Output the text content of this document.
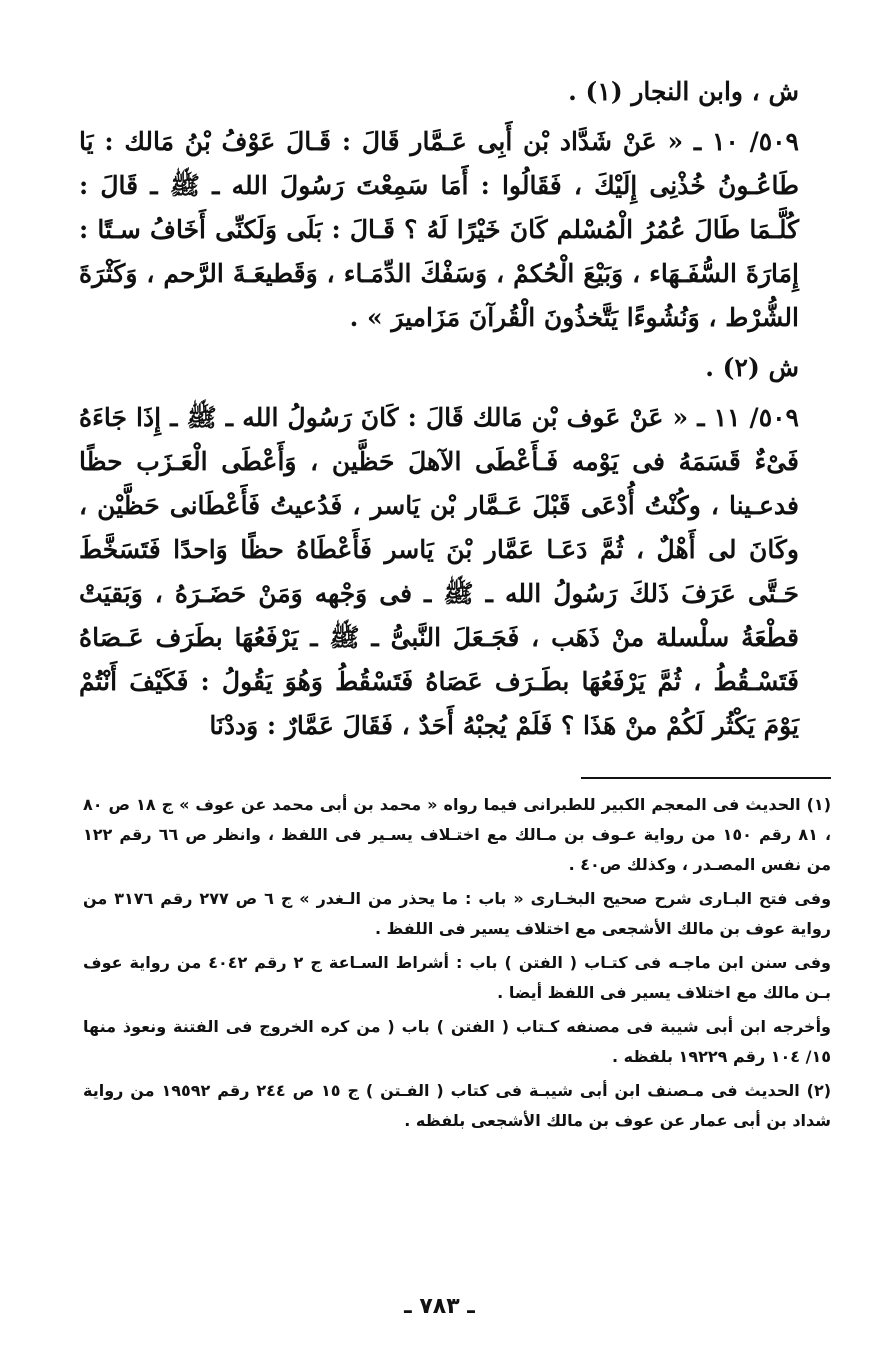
ش ، وابن النجار (١) .

٥٠٩/ ١٠ ـ « عَنْ شَدَّاد بْن أَبِى عَـمَّار قَالَ : قَـالَ عَوْفُ بْنُ مَالك : يَا طَاعُـونُ خُذْنِى إِلَيْكَ ، فَقَالُوا : أَمَا سَمِعْتَ رَسُولَ الله ـ ﷺ ـ قَالَ : كُلَّـمَا طَالَ عُمُرُ الْمُسْلم كَانَ خَيْرًا لَهُ ؟ قَـالَ : بَلَى وَلَكنِّى أَخَافُ سـتًا : إِمَارَةَ السُّفَـهَاء ، وَبَيْعَ الْحُكمْ ، وَسَفْكَ الدِّمَـاء ، وَقَطيعَـةَ الرَّحم ، وَكَثْرَةَ الشُّرْط ، وَنُشُوءًا يَتَّخذُونَ الْقُرآنَ مَزَاميرَ » .

ش (٢) .

٥٠٩/ ١١ ـ « عَنْ عَوف بْن مَالك قَالَ : كَانَ رَسُولُ الله ـ ﷺ ـ إِذَا جَاءَهُ فَىْءٌ قَسَمَهُ فى يَوْمه فَـأَعْطَى الآهلَ حَظَّين ، وَأَعْطَى الْعَـزَب حظًا فدعـينا ، وكُنْتُ أُدْعَى قَبْلَ عَـمَّار بْن يَاسر ، فَدُعيتُ فَأَعْطَانى حَظَّيْن ، وكَانَ لى أَهْلٌ ، ثُمَّ دَعَـا عَمَّار بْنَ يَاسر فَأَعْطَاهُ حظًا وَاحدًا فَتَسَخَّطَ حَـتَّى عَرَفَ ذَلكَ رَسُولُ الله ـ ﷺ ـ فى وَجْهه وَمَنْ حَضَـرَهُ ، وَبَقيَتْ قطْعَةُ سلْسلة منْ ذَهَب ، فَجَـعَلَ النَّبىُّ ـ ﷺ ـ يَرْفَعُهَا بطَرَف عَـصَاهُ فَتَسْـقُطُ ، ثُمَّ يَرْفَعُهَا بطَـرَف عَصَاهُ فَتَسْقُطُ وَهُوَ يَقُولُ : فَكَيْفَ أَنْتُمْ يَوْمَ يَكْثُر لَكُمْ منْ هَذَا ؟ فَلَمْ يُجبْهُ أَحَدٌ ، فَقَالَ عَمَّارٌ : وَددْنَا

(١) الحديث فى المعجم الكبير للطبرانى فيما رواه « محمد بن أبى محمد عن عوف » ج ١٨ ص ٨٠ ، ٨١ رقم ١٥٠ من رواية عـوف بن مـالك مع اختـلاف يسـير فى اللفظ ، وانظر ص ٦٦ رقم ١٢٢ من نفس المصـدر ، وكذلك ص٤٠ .

وفى فتح البـارى شرح صحيح البخـارى « باب : ما يحذر من الـغدر » ج ٦ ص ٢٧٧ رقم ٣١٧٦ من رواية عوف بن مالك الأشجعى مع اختلاف يسير فى اللفظ .

وفى سنن ابن ماجـه فى كتـاب ( الفتن ) باب : أشراط السـاعة ج ٢ رقم ٤٠٤٢ من رواية عوف بـن مالك مع اختلاف يسير فى اللفظ أيضا .

وأخرجه ابن أبى شيبة فى مصنفه كـتاب ( الفتن ) باب ( من كره الخروج فى الفتنة ونعوذ منها ١٥/ ١٠٤ رقم ١٩٢٢٩ بلفظه .

(٢) الحديث فى مـصنف ابن أبى شيبـة فى كتاب ( الفـتن ) ج ١٥ ص ٢٤٤ رقم ١٩٥٩٢ من رواية شداد بن أبى عمار عن عوف بن مالك الأشجعى بلفظه .

ـ ٧٨٣ ـ
